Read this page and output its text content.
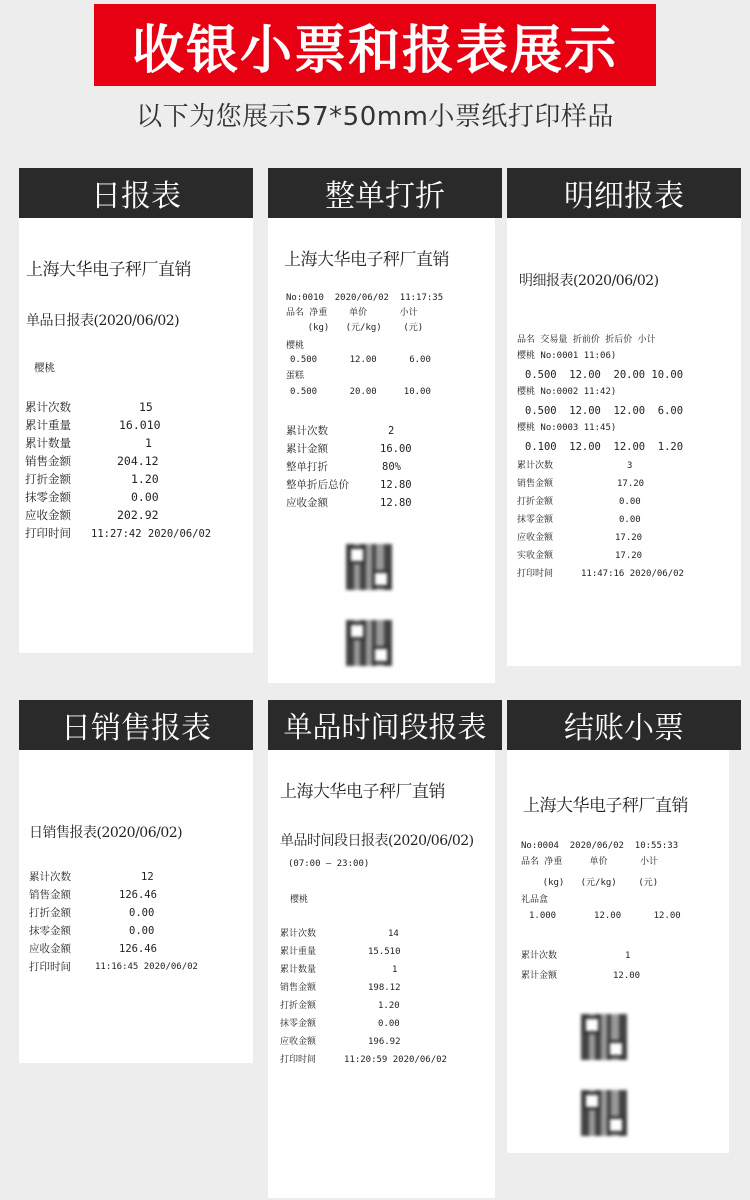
收银小票和报表展示
以下为您展示57*50mm小票纸打印样品
日报表
上海大华电子秤厂直销
单品日报表(2020/06/02)
樱桃
累计次数	15
累计重量	16.010
累计数量	1
销售金额	204.12
打折金额	1.20
抹零金额	0.00
应收金额	202.92
打印时间 11:27:42 2020/06/02
整单打折
上海大华电子秤厂直销
No:0010  2020/06/02  11:17:35
品名 净重    单价      小计
(kg)   (元/kg)    (元)
樱桃
0.500      12.00      6.00
蛋糕
0.500      20.00     10.00
累计次数	2
累计金额	16.00
整单打折	80%
整单折后总价	12.80
应收金额	12.80
明细报表
明细报表(2020/06/02)
品名 交易量 折前价 折后价 小计
樱桃 No:0001 11:06)
0.500  12.00  20.00 10.00
樱桃 No:0002 11:42)
0.500  12.00  12.00  6.00
樱桃 No:0003 11:45)
0.100  12.00  12.00  1.20
累计次数	3
销售金额	17.20
打折金额	0.00
抹零金额	0.00
应收金额	17.20
实收金额	17.20
打印时间	11:47:16 2020/06/02
日销售报表
日销售报表(2020/06/02)
累计次数	12
销售金额	126.46
打折金额	0.00
抹零金额	0.00
应收金额	126.46
打印时间	11:16:45 2020/06/02
单品时间段报表
上海大华电子秤厂直销
单品时间段日报表(2020/06/02)
(07:00 — 23:00)
樱桃
累计次数	14
累计重量	15.510
累计数量	1
销售金额	198.12
打折金额	1.20
抹零金额	0.00
应收金额	196.92
打印时间	11:20:59 2020/06/02
结账小票
上海大华电子秤厂直销
No:0004  2020/06/02  10:55:33
品名 净重     单价      小计
(kg)   (元/kg)    (元)
礼品盒
1.000       12.00      12.00
累计次数	1
累计金额	12.00
